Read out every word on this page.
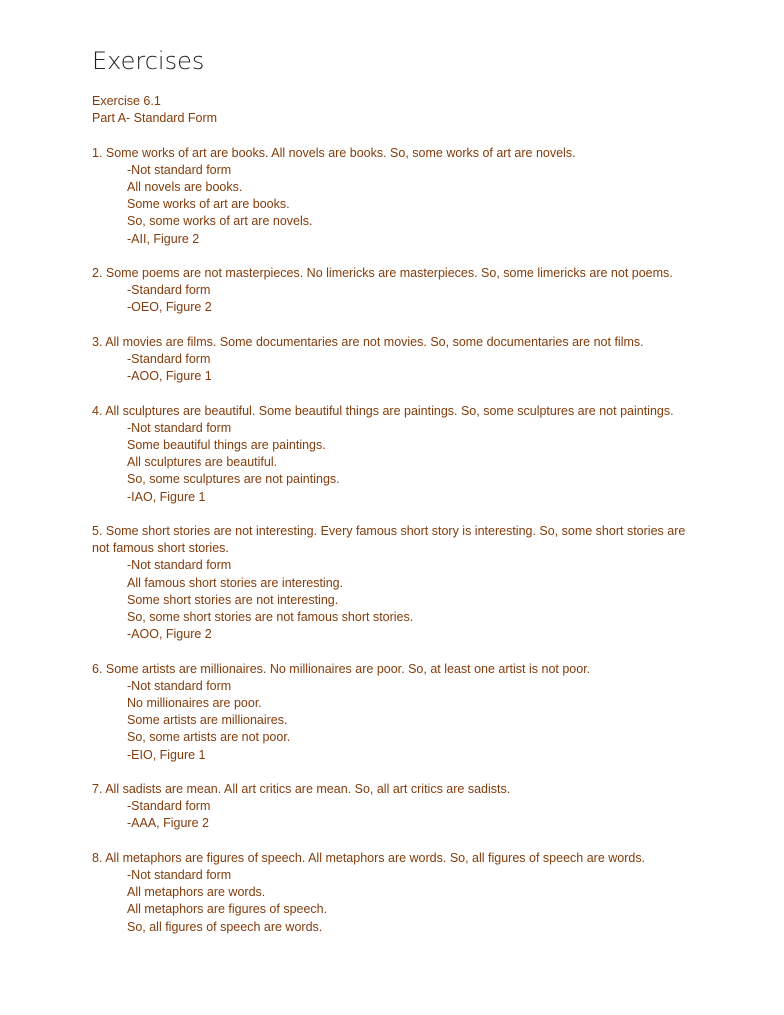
Exercises
Exercise 6.1
Part A- Standard Form
1. Some works of art are books. All novels are books. So, some works of art are novels.
-Not standard form
All novels are books.
Some works of art are books.
So, some works of art are novels.
-AII, Figure 2
2. Some poems are not masterpieces. No limericks are masterpieces. So, some limericks are not poems.
-Standard form
-OEO, Figure 2
3. All movies are films. Some documentaries are not movies. So, some documentaries are not films.
-Standard form
-AOO, Figure 1
4. All sculptures are beautiful. Some beautiful things are paintings. So, some sculptures are not paintings.
-Not standard form
Some beautiful things are paintings.
All sculptures are beautiful.
So, some sculptures are not paintings.
-IAO, Figure 1
5. Some short stories are not interesting. Every famous short story is interesting. So, some short stories are not famous short stories.
-Not standard form
All famous short stories are interesting.
Some short stories are not interesting.
So, some short stories are not famous short stories.
-AOO, Figure 2
6. Some artists are millionaires. No millionaires are poor. So, at least one artist is not poor.
-Not standard form
No millionaires are poor.
Some artists are millionaires.
So, some artists are not poor.
-EIO, Figure 1
7. All sadists are mean. All art critics are mean. So, all art critics are sadists.
-Standard form
-AAA, Figure 2
8. All metaphors are figures of speech. All metaphors are words. So, all figures of speech are words.
-Not standard form
All metaphors are words.
All metaphors are figures of speech.
So, all figures of speech are words.
